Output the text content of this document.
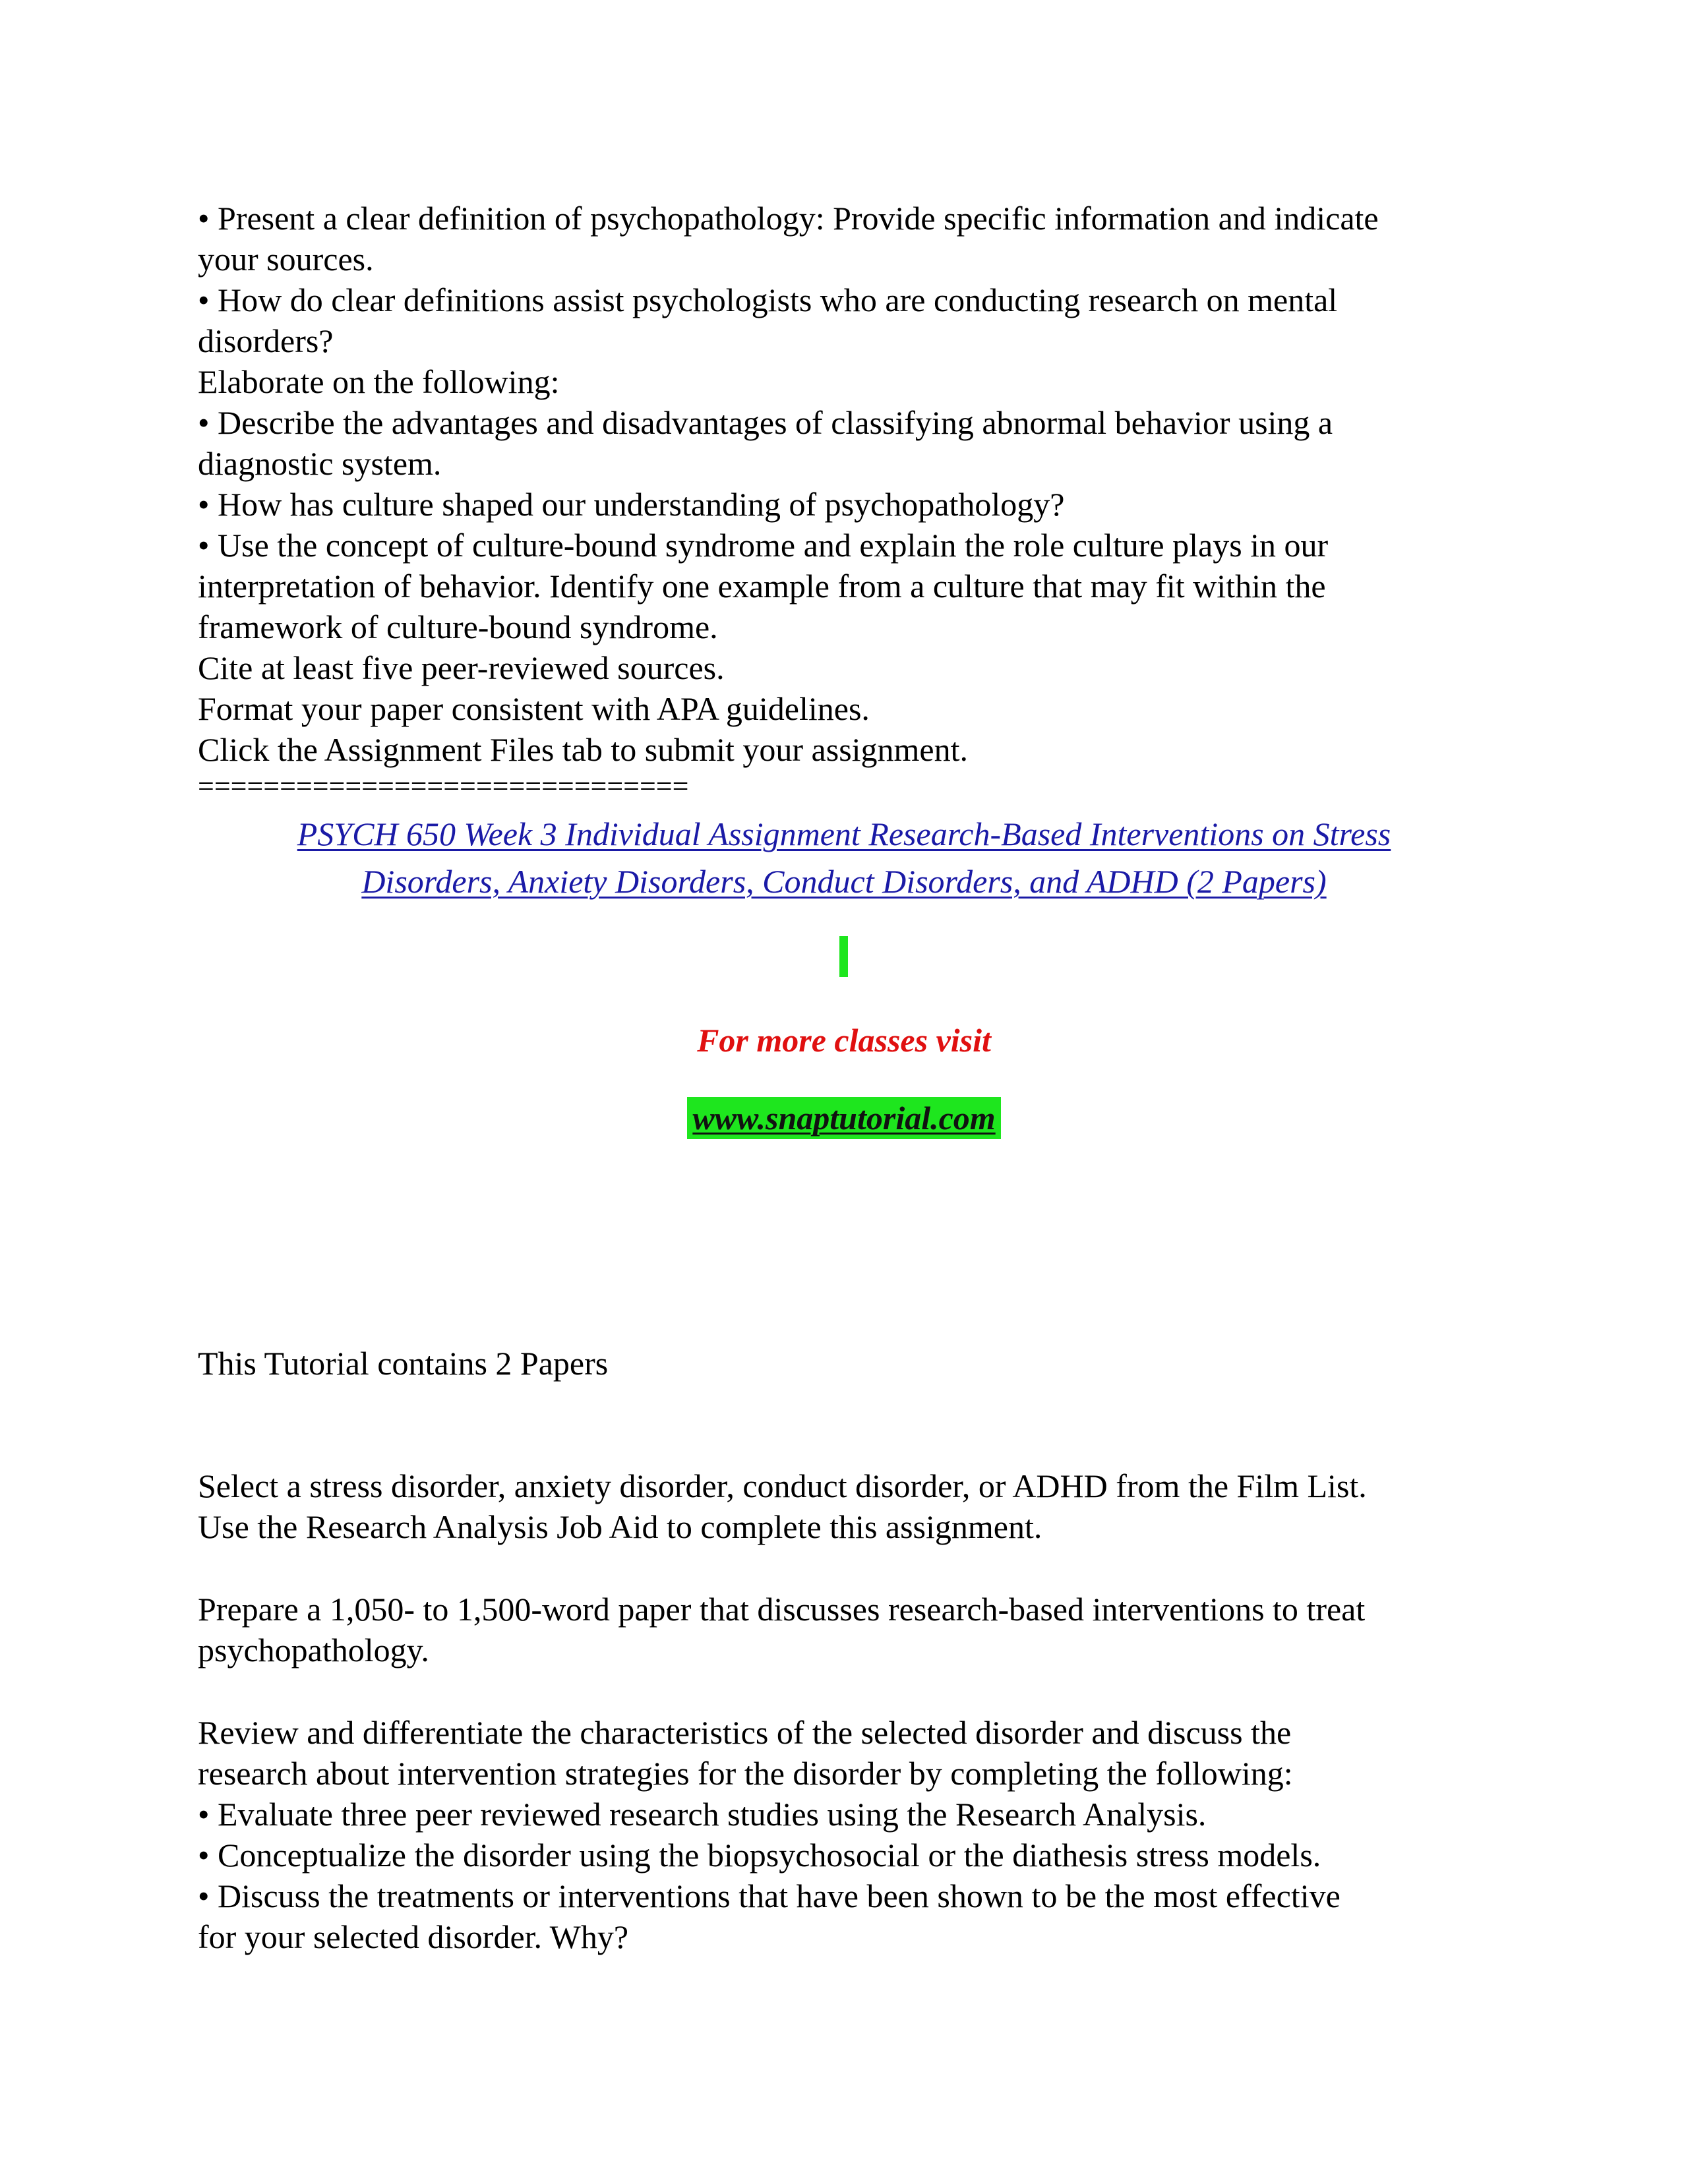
• Present a clear definition of psychopathology: Provide specific information and indicate
your sources.
• How do clear definitions assist psychologists who are conducting research on mental
disorders?
Elaborate on the following:
• Describe the advantages and disadvantages of classifying abnormal behavior using a
diagnostic system.
• How has culture shaped our understanding of psychopathology?
• Use the concept of culture-bound syndrome and explain the role culture plays in our
interpretation of behavior. Identify one example from a culture that may fit within the
framework of culture-bound syndrome.
Cite at least five peer-reviewed sources.
Format your paper consistent with APA guidelines.
Click the Assignment Files tab to submit your assignment.
==============================
PSYCH 650 Week 3 Individual Assignment Research-Based Interventions on Stress
Disorders, Anxiety Disorders, Conduct Disorders, and ADHD (2 Papers)
For more classes visit
www.snaptutorial.com

This Tutorial contains 2 Papers

Select a stress disorder, anxiety disorder, conduct disorder, or ADHD from the Film List.
Use the Research Analysis Job Aid to complete this assignment.
Prepare a 1,050- to 1,500-word paper that discusses research-based interventions to treat
psychopathology.
Review and differentiate the characteristics of the selected disorder and discuss the
research about intervention strategies for the disorder by completing the following:
• Evaluate three peer reviewed research studies using the Research Analysis.
• Conceptualize the disorder using the biopsychosocial or the diathesis stress models.
• Discuss the treatments or interventions that have been shown to be the most effective
for your selected disorder. Why?
